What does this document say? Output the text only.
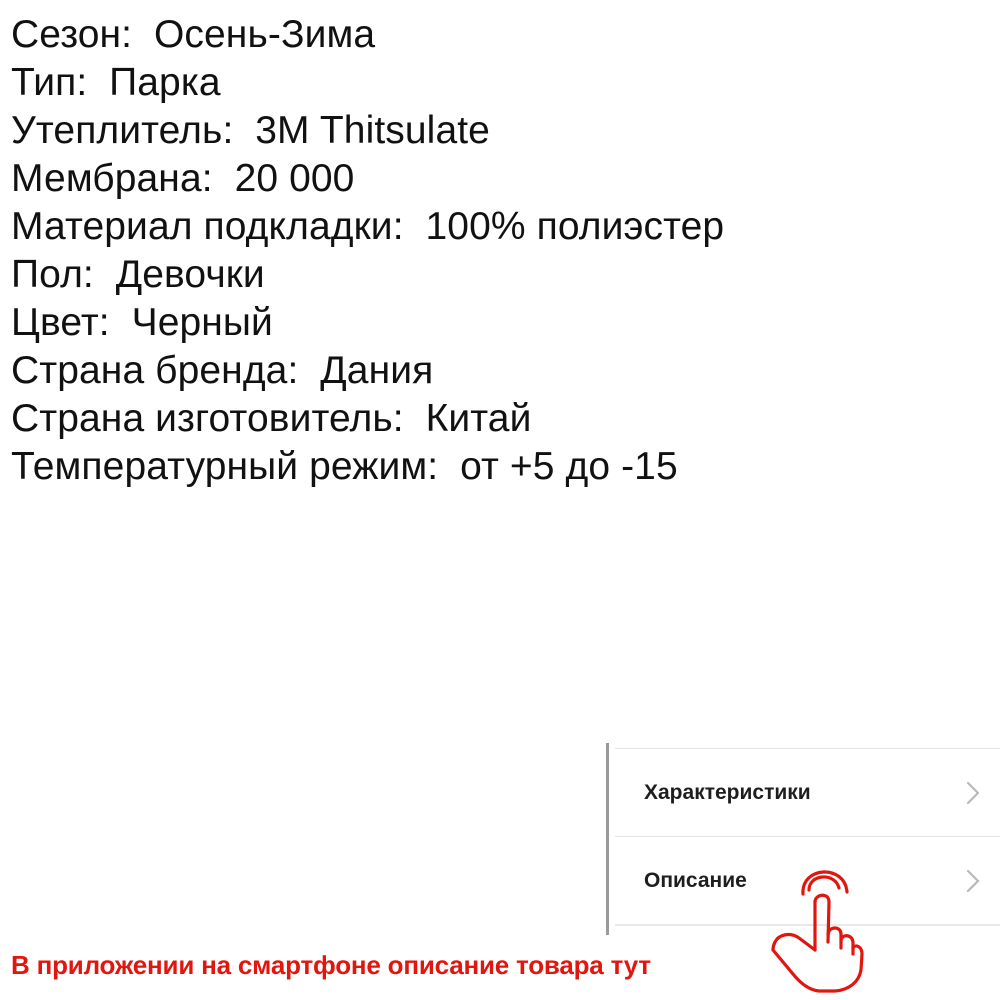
Сезон : Осень-Зима
Тип : Парка
Утеплитель : 3M Thitsulate
Мембрана : 20 000
Материал подкладки : 100% полиэстер
Пол : Девочки
Цвет : Черный
Страна бренда : Дания
Страна изготовитель : Китай
Температурный режим : от +5 до -15
Характеристики
Описание
В приложении на смартфоне описание товара тут
